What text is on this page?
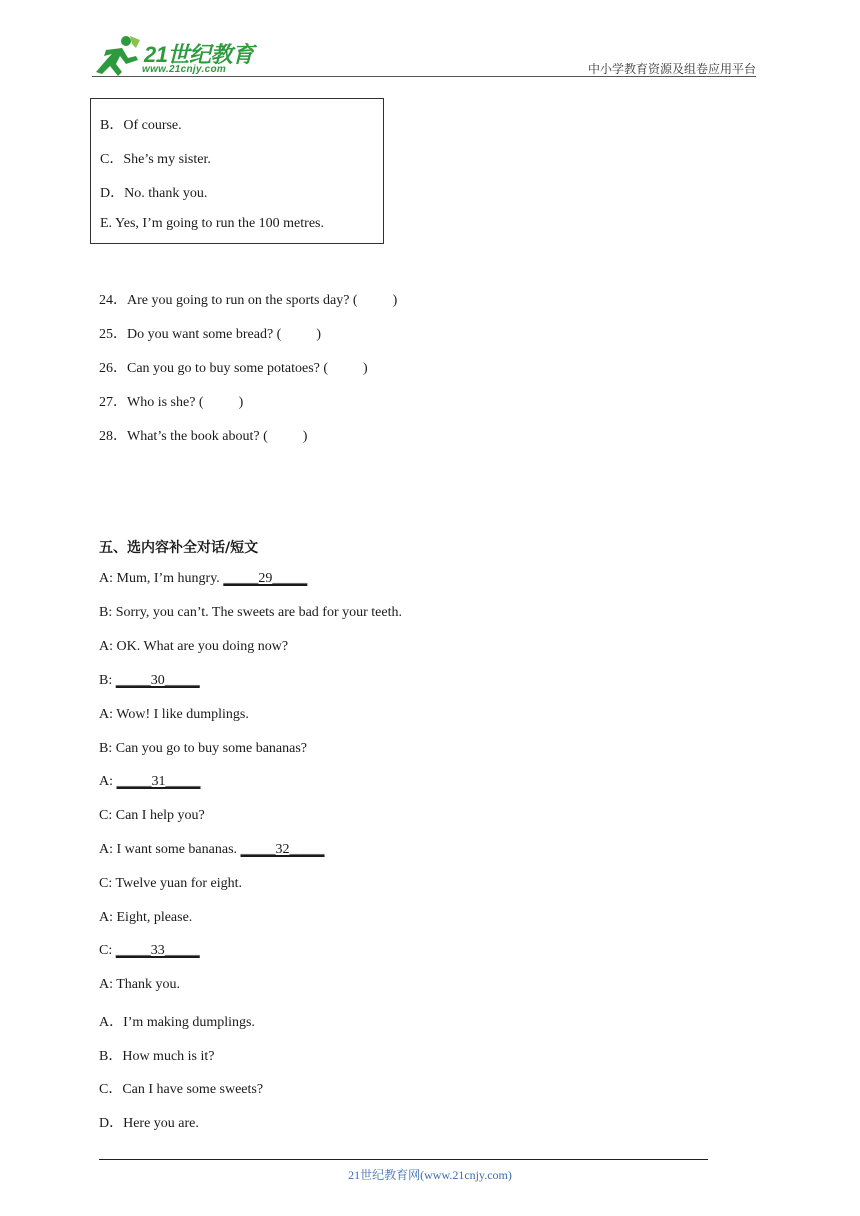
21世纪教育
www.21cnjy.com	中小学教育资源及组卷应用平台
B．Of course.
C．She’s my sister.
D．No. thank you.
E. Yes, I’m going to run the 100 metres.
24．Are you going to run on the sports day? (          )
25．Do you want some bread? (          )
26．Can you go to buy some potatoes? (          )
27．Who is she? (          )
28．What’s the book about? (          )
五、选内容补全对话/短文
A: Mum, I’m hungry. _____29_____
B: Sorry, you can’t. The sweets are bad for your teeth.
A: OK. What are you doing now?
B: _____30_____
A: Wow! I like dumplings.
B: Can you go to buy some bananas?
A: _____31_____
C: Can I help you?
A: I want some bananas. _____32_____
C: Twelve yuan for eight.
A: Eight, please.
C: _____33_____
A: Thank you.
A．I’m making dumplings.
B．How much is it?
C．Can I have some sweets?
D．Here you are.
21世纪教育网(www.21cnjy.com)
